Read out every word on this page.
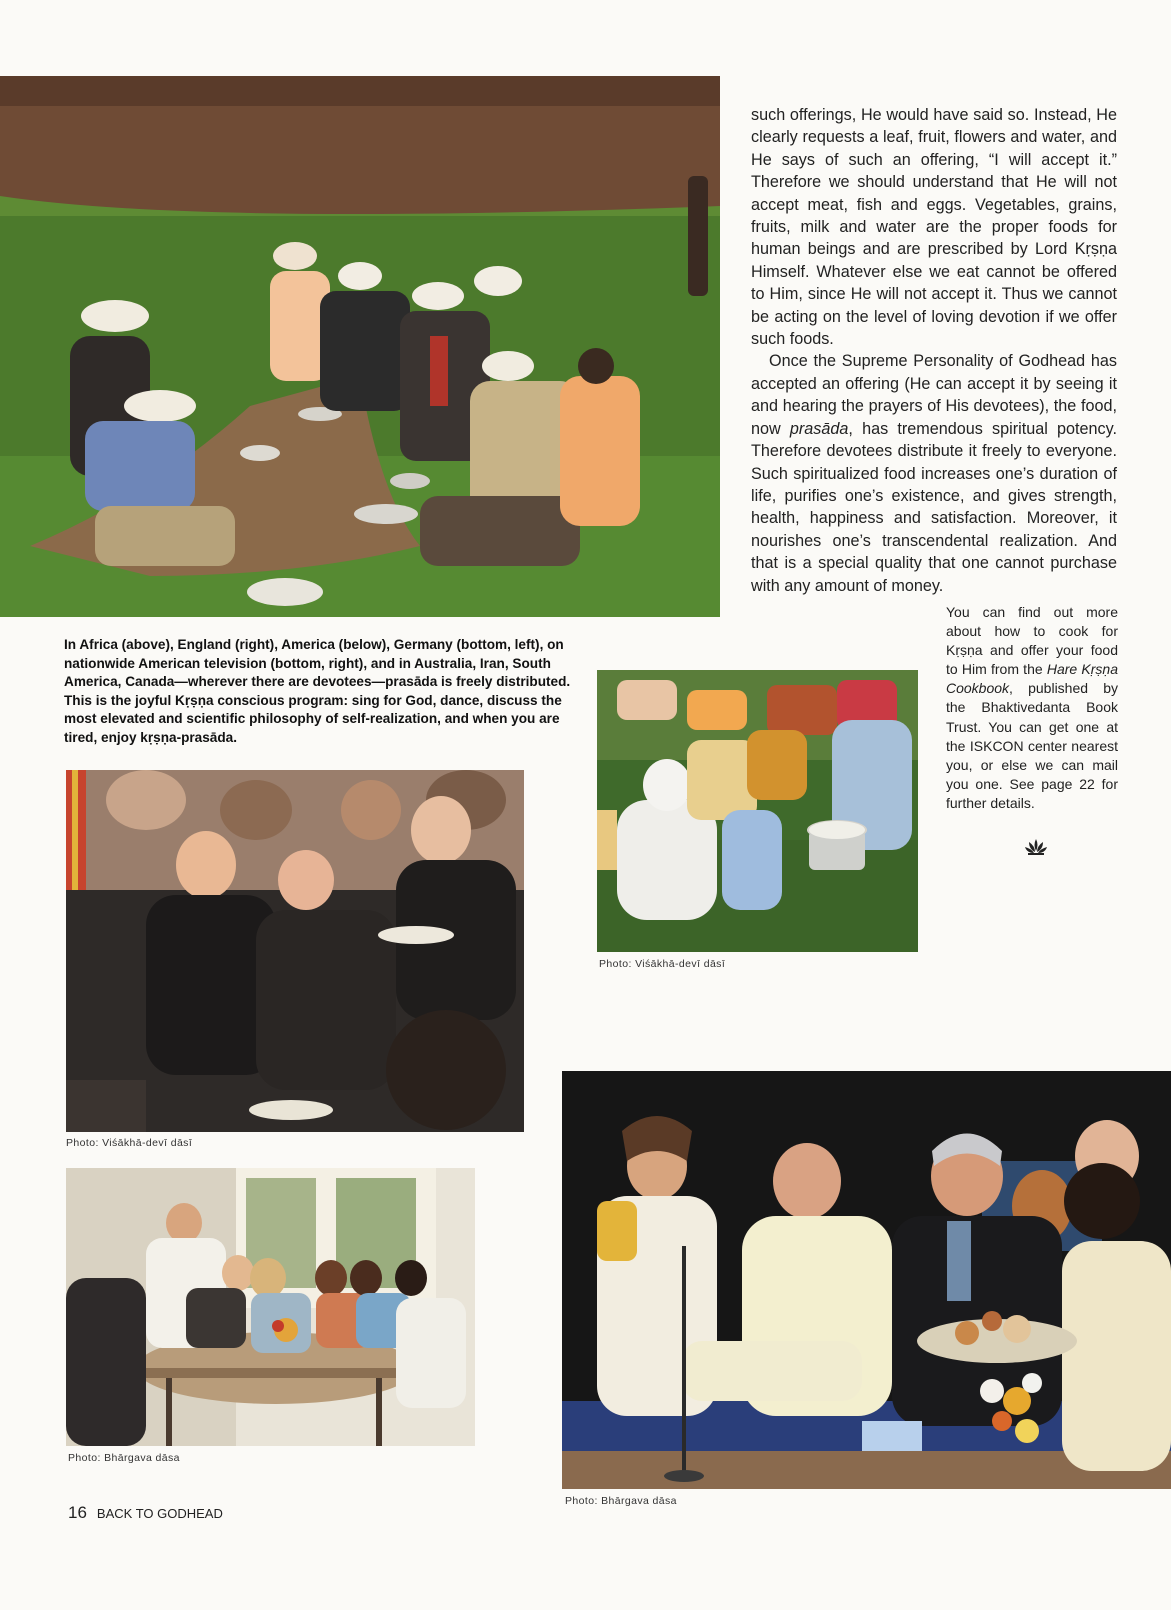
such offerings, He would have said so. Instead, He clearly requests a leaf, fruit, flowers and water, and He says of such an offering, “I will accept it.” Therefore we should understand that He will not accept meat, fish and eggs. Vegetables, grains, fruits, milk and water are the proper foods for human beings and are prescribed by Lord Kṛṣṇa Himself. Whatever else we eat cannot be offered to Him, since He will not accept it. Thus we cannot be acting on the level of loving devotion if we offer such foods.

Once the Supreme Personality of Godhead has accepted an offering (He can accept it by seeing it and hearing the prayers of His devotees), the food, now prasāda, has tremendous spiritual potency. Therefore devotees distribute it freely to everyone. Such spiritualized food increases one’s duration of life, purifies one’s existence, and gives strength, health, happiness and satisfaction. Moreover, it nourishes one’s transcendental realization. And that is a special quality that one cannot purchase with any amount of money.

You can find out more about how to cook for Kṛṣṇa and offer your food to Him from the Hare Kṛṣṇa Cookbook, published by the Bhaktivedanta Book Trust. You can get one at the ISKCON center nearest you, or else we can mail you one. See page 22 for further details.
In Africa (above), England (right), America (below), Germany (bottom, left), on nationwide American television (bottom, right), and in Australia, Iran, South America, Canada—wherever there are devotees—prasāda is freely distributed. This is the joyful Kṛṣṇa conscious program: sing for God, dance, discuss the most elevated and scientific philosophy of self-realization, and when you are tired, enjoy kṛṣṇa-prasāda.
Photo: Viśākhā-devī dāsī
Photo: Viśākhā-devī dāsī
Photo: Bhārgava dāsa
Photo: Bhārgava dāsa
16 BACK TO GODHEAD
